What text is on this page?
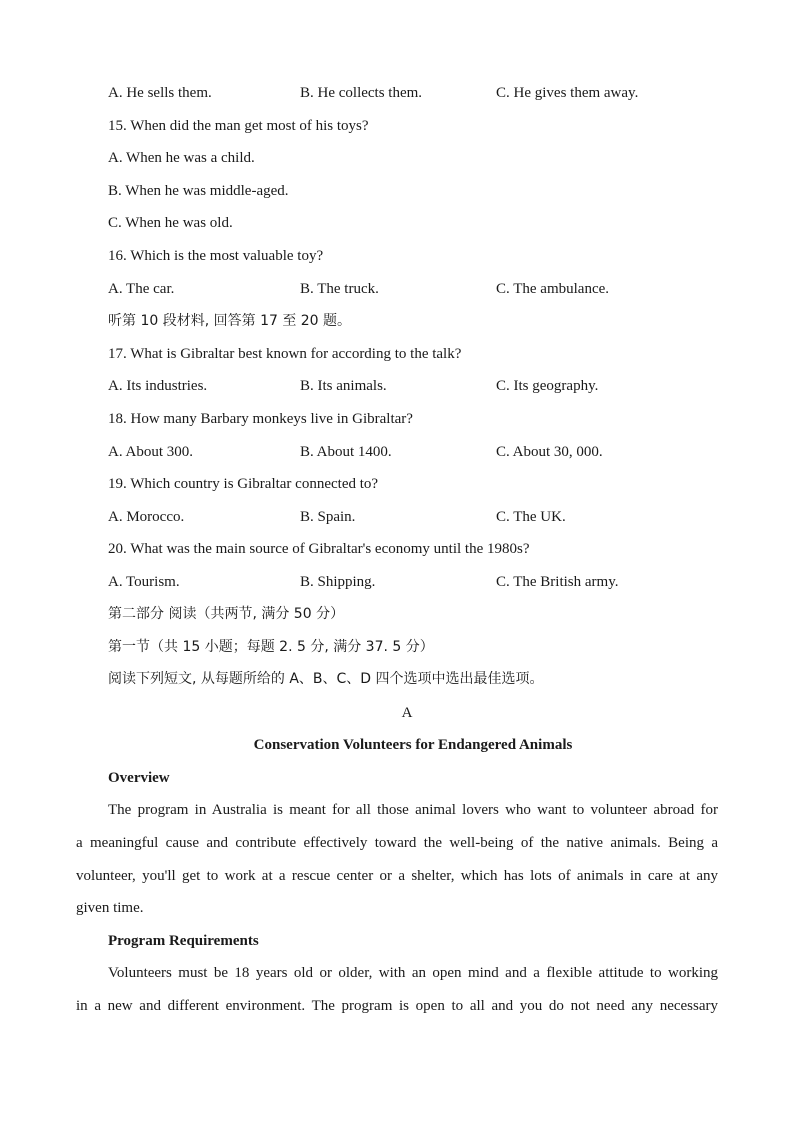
A. He sells them.	B. He collects them.	C. He gives them away.
15. When did the man get most of his toys?
A. When he was a child.
B. When he was middle-aged.
C. When he was old.
16. Which is the most valuable toy?
A. The car.	B. The truck.	C. The ambulance.
听第 10 段材料, 回答第 17 至 20 题。
17. What is Gibraltar best known for according to the talk?
A. Its industries.	B. Its animals.	C. Its geography.
18. How many Barbary monkeys live in Gibraltar?
A. About 300.	B. About 1400.	C. About 30, 000.
19. Which country is Gibraltar connected to?
A. Morocco.	B. Spain.	C. The UK.
20. What was the main source of Gibraltar's economy until the 1980s?
A. Tourism.	B. Shipping.	C. The British army.
第二部分 阅读（共两节, 满分 50 分）
第一节（共 15 小题；每题 2. 5 分, 满分 37. 5 分）
阅读下列短文, 从每题所给的 A、B、C、D 四个选项中选出最佳选项。
A
Conservation Volunteers for Endangered Animals
Overview
The program in Australia is meant for all those animal lovers who want to volunteer abroad for
a meaningful cause and contribute effectively toward the well-being of the native animals. Being a
volunteer, you'll get to work at a rescue center or a shelter, which has lots of animals in care at any
given time.
Program Requirements
Volunteers must be 18 years old or older, with an open mind and a flexible attitude to working
in a new and different environment. The program is open to all and you do not need any necessary
